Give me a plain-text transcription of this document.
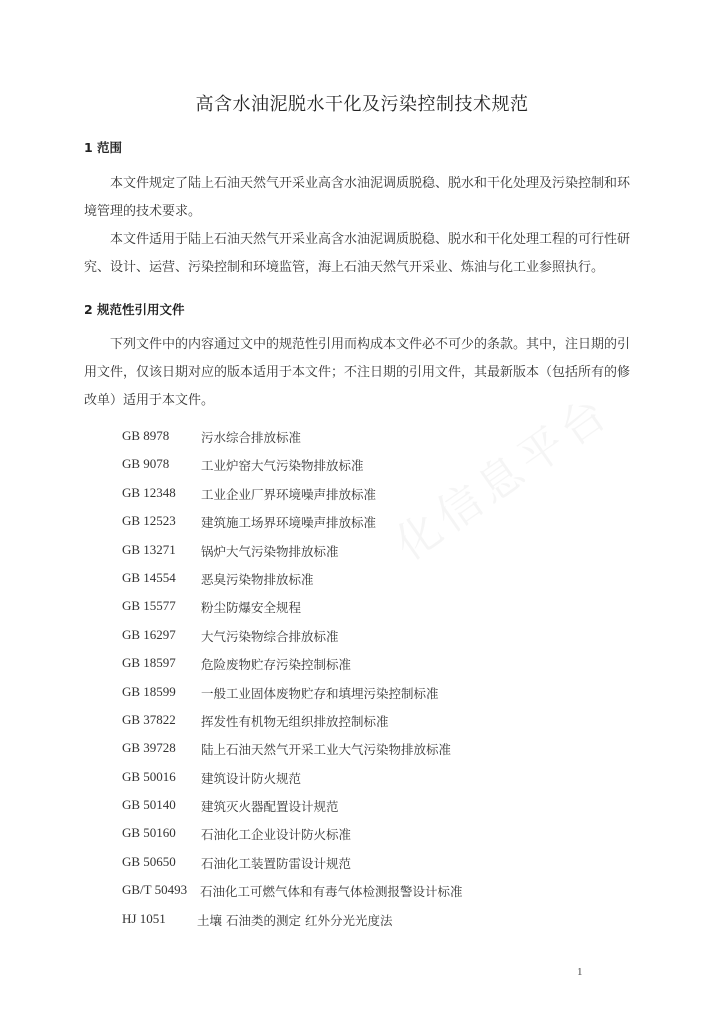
化信息平台
高含水油泥脱水干化及污染控制技术规范
1 范围
本文件规定了陆上石油天然气开采业高含水油泥调质脱稳、脱水和干化处理及污染控制和环
境管理的技术要求。
本文件适用于陆上石油天然气开采业高含水油泥调质脱稳、脱水和干化处理工程的可行性研
究、设计、运营、污染控制和环境监管，海上石油天然气开采业、炼油与化工业参照执行。
2 规范性引用文件
下列文件中的内容通过文中的规范性引用而构成本文件必不可少的条款。其中，注日期的引
用文件，仅该日期对应的版本适用于本文件；不注日期的引用文件，其最新版本（包括所有的修
改单）适用于本文件。
GB 8978	污水综合排放标准
GB 9078	工业炉窑大气污染物排放标准
GB 12348 工业企业厂界环境噪声排放标准
GB 12523 建筑施工场界环境噪声排放标准
GB 13271 锅炉大气污染物排放标准
GB 14554 恶臭污染物排放标准
GB 15577 粉尘防爆安全规程
GB 16297 大气污染物综合排放标准
GB 18597 危险废物贮存污染控制标准
GB 18599 一般工业固体废物贮存和填埋污染控制标准
GB 37822 挥发性有机物无组织排放控制标准
GB 39728 陆上石油天然气开采工业大气污染物排放标准
GB 50016 建筑设计防火规范
GB 50140 建筑灭火器配置设计规范
GB 50160 石油化工企业设计防火标准
GB 50650 石油化工装置防雷设计规范
GB/T 50493 石油化工可燃气体和有毒气体检测报警设计标准
HJ 1051	土壤 石油类的测定 红外分光光度法
1
